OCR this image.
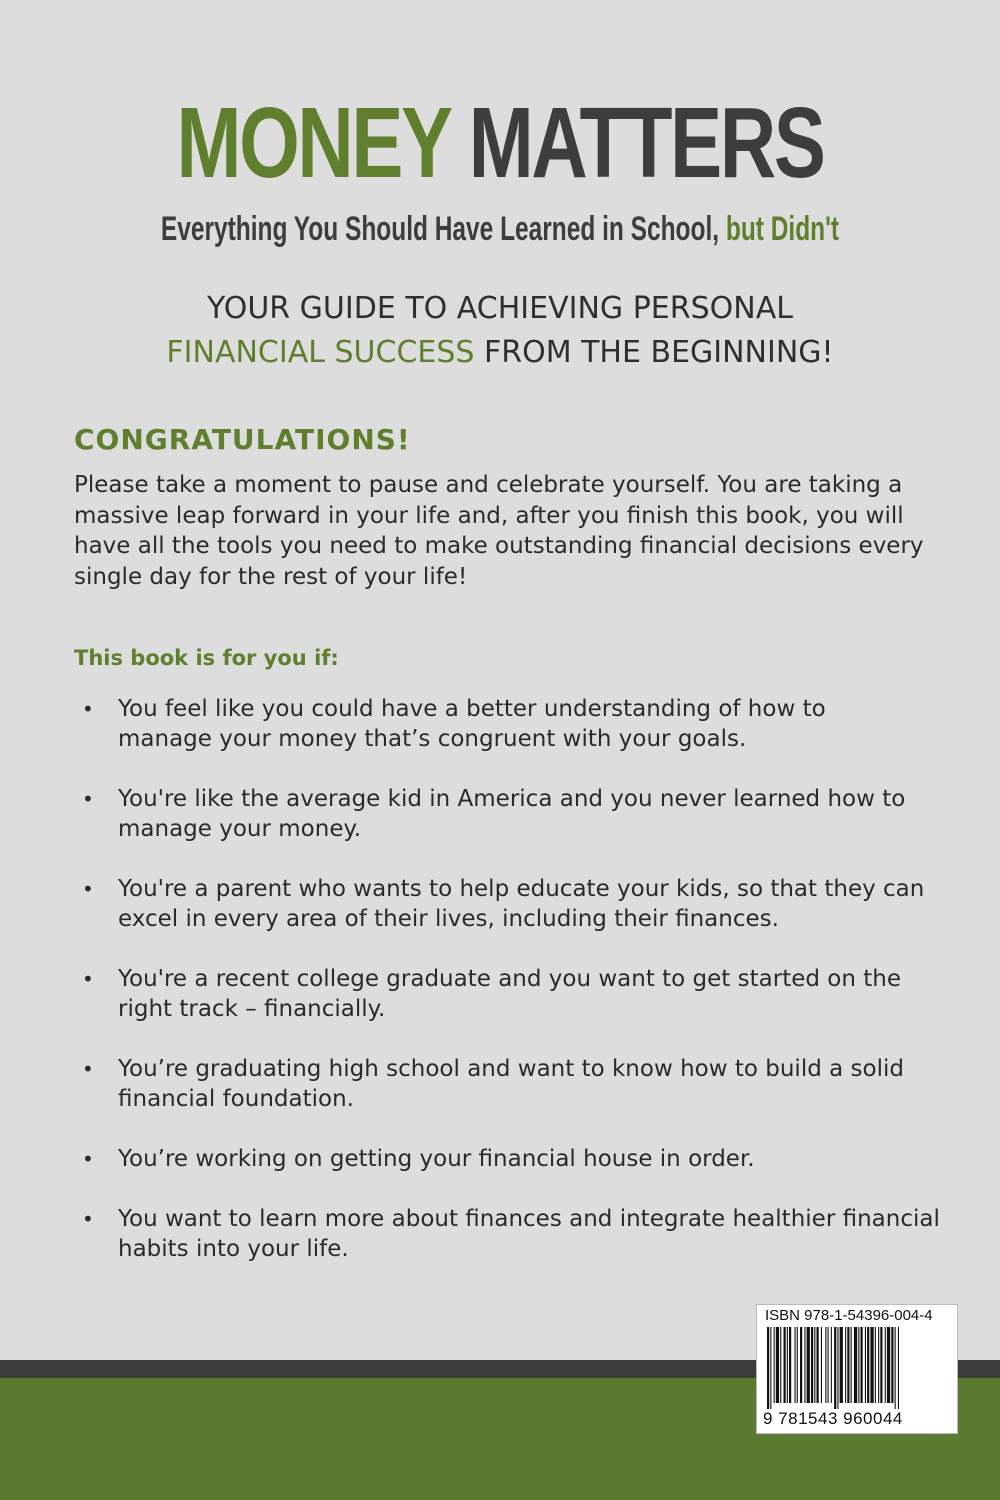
MONEY MATTERS
Everything You Should Have Learned in School, but Didn't
YOUR GUIDE TO ACHIEVING PERSONAL
FINANCIAL SUCCESS FROM THE BEGINNING!
CONGRATULATIONS!
Please take a moment to pause and celebrate yourself. You are taking a
massive leap forward in your life and, after you finish this book, you will
have all the tools you need to make outstanding financial decisions every
single day for the rest of your life!
This book is for you if:
• You feel like you could have a better understanding of how to
manage your money that’s congruent with your goals.
• You're like the average kid in America and you never learned how to
manage your money.
• You're a parent who wants to help educate your kids, so that they can
excel in every area of their lives, including their finances.
• You're a recent college graduate and you want to get started on the
right track – financially.
• You’re graduating high school and want to know how to build a solid
financial foundation.
• You’re working on getting your financial house in order.
• You want to learn more about finances and integrate healthier financial
habits into your life.
ISBN 978-1-54396-004-4
9 781543 960044
